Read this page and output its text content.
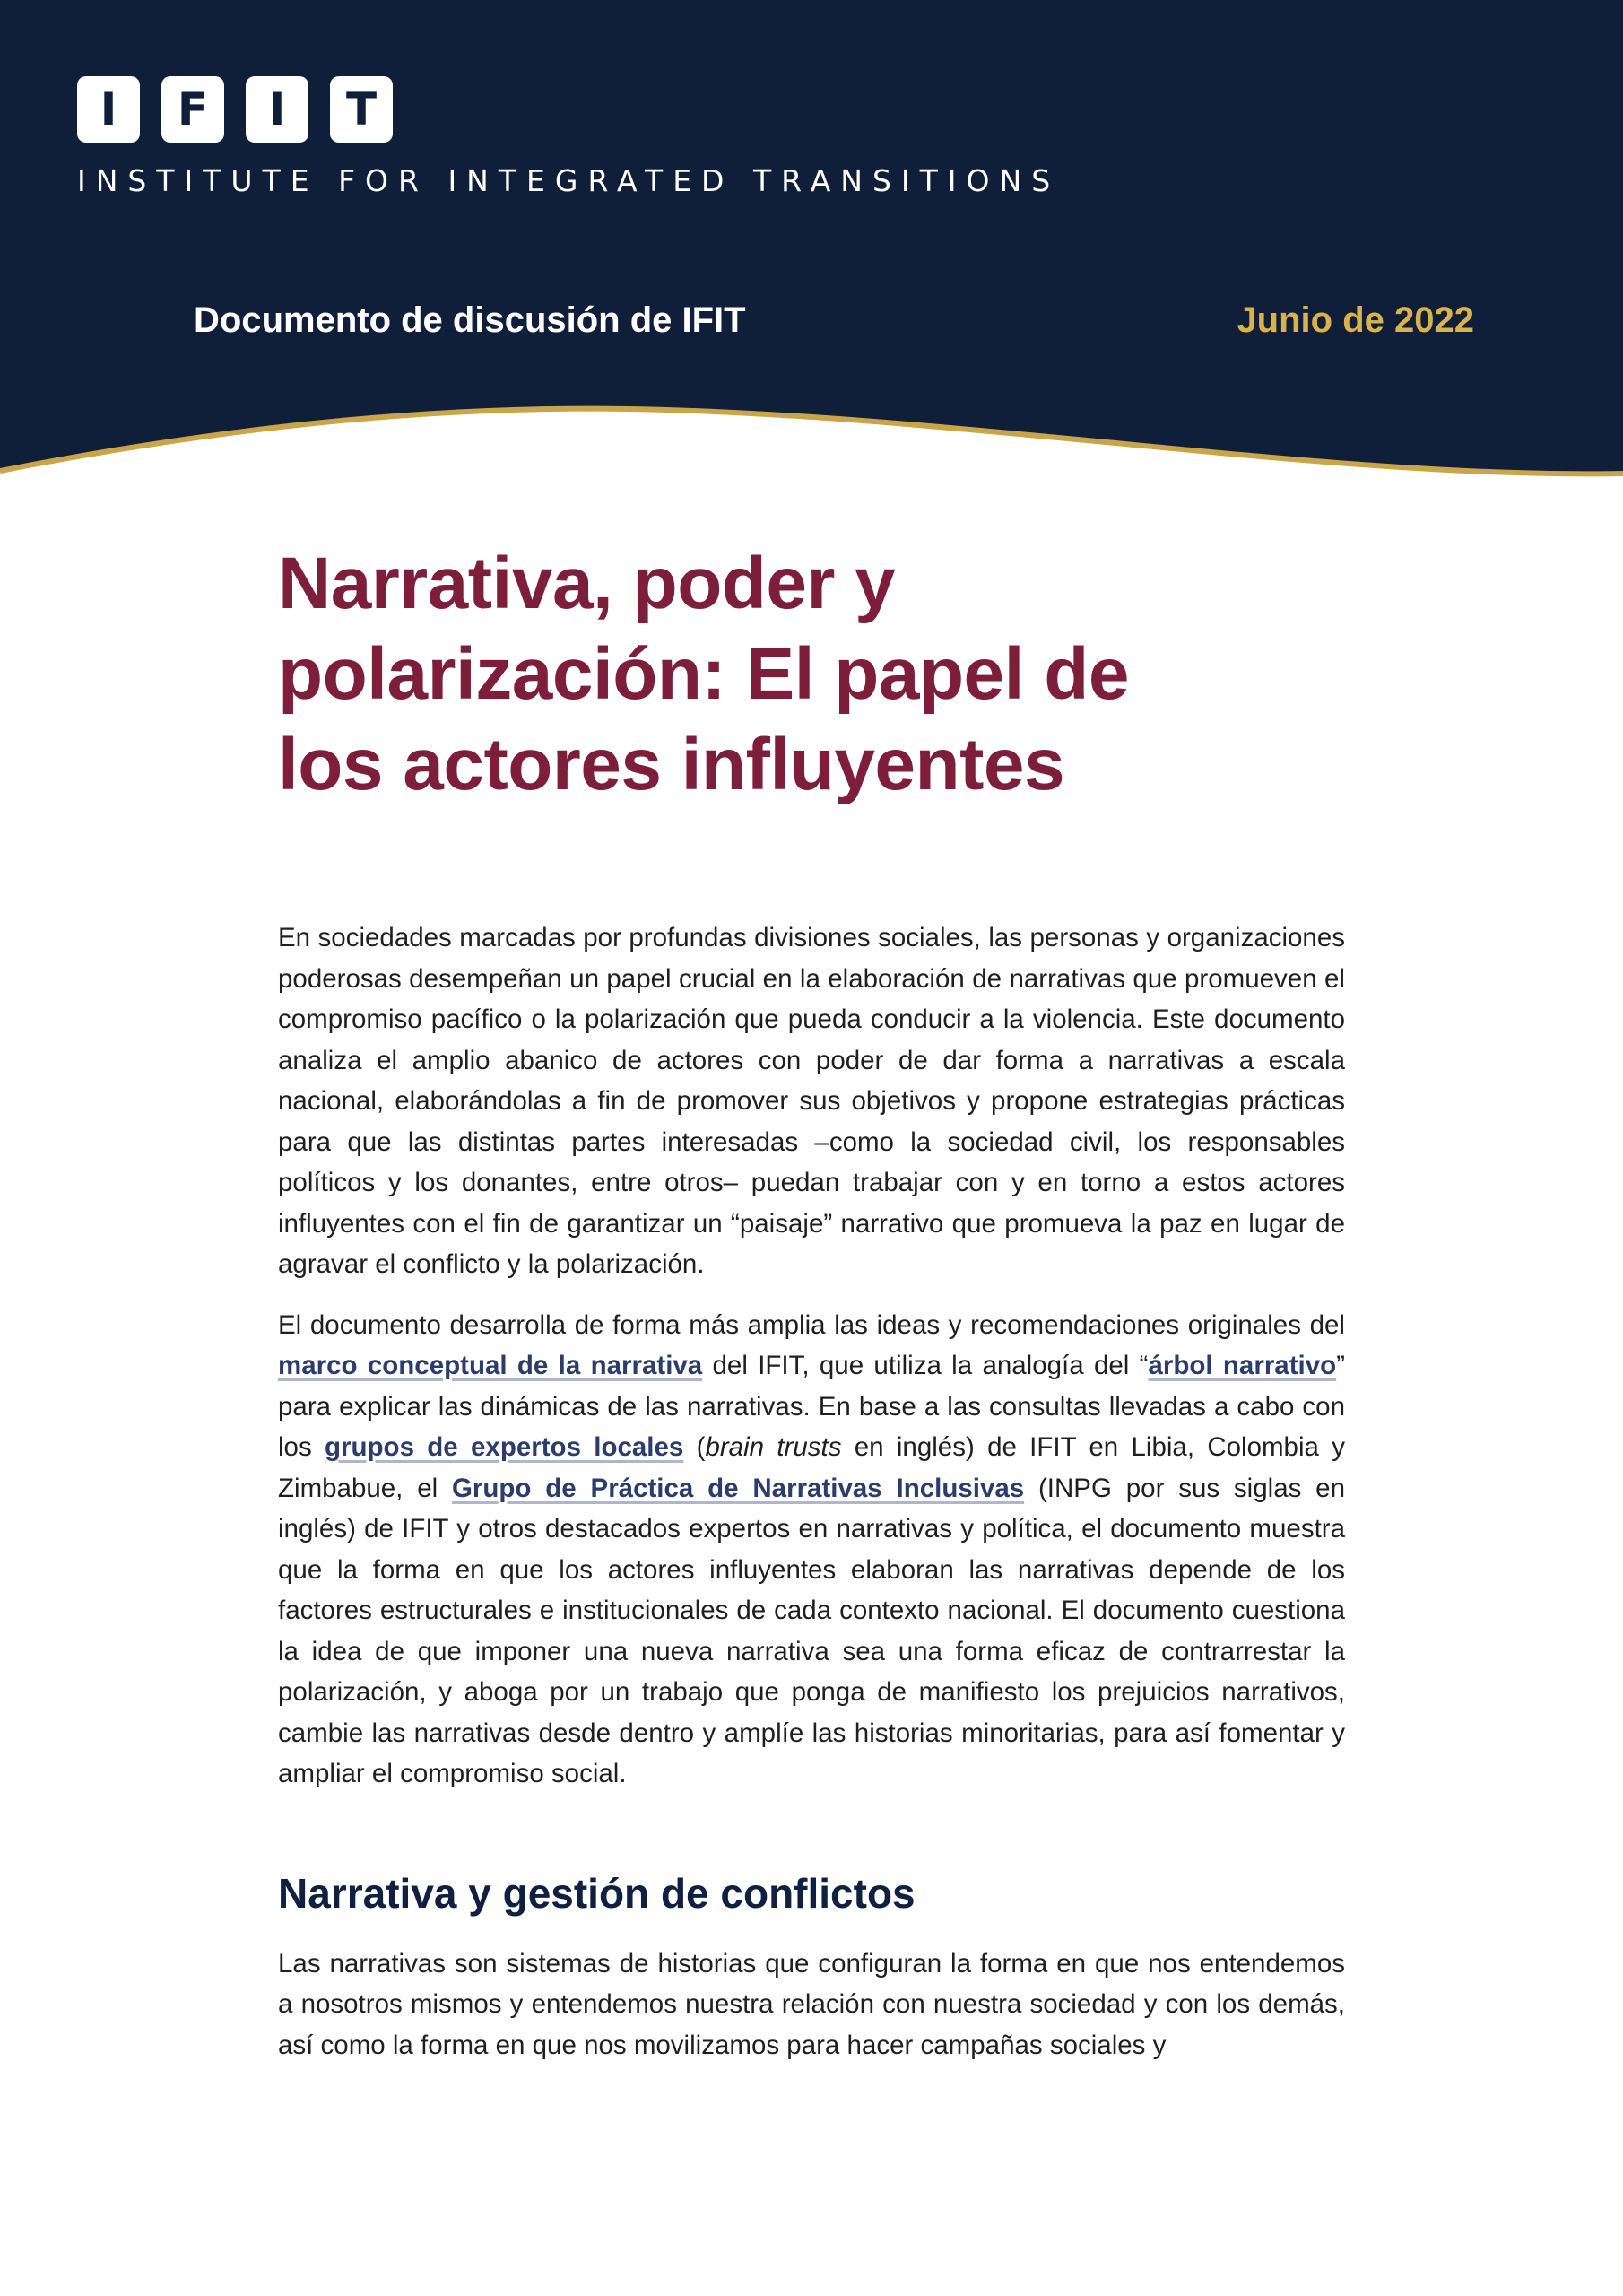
I	F	I	T
INSTITUTE FOR INTEGRATED TRANSITIONS
Documento de discusión de IFIT	Junio de 2022
Narrativa, poder y
polarización: El papel de
los actores influyentes

En sociedades marcadas por profundas divisiones sociales, las personas y organizaciones poderosas desempeñan un papel crucial en la elaboración de narrativas que promueven el compromiso pacífico o la polarización que pueda conducir a la violencia. Este documento analiza el amplio abanico de actores con poder de dar forma a narrativas a escala nacional, elaborándolas a fin de promover sus objetivos y propone estrategias prácticas para que las distintas partes interesadas –como la sociedad civil, los responsables políticos y los donantes, entre otros– puedan trabajar con y en torno a estos actores influyentes con el fin de garantizar un “paisaje” narrativo que promueva la paz en lugar de agravar el conflicto y la polarización.

El documento desarrolla de forma más amplia las ideas y recomendaciones originales del marco conceptual de la narrativa del IFIT, que utiliza la analogía del “árbol narrativo” para explicar las dinámicas de las narrativas. En base a las consultas llevadas a cabo con los grupos de expertos locales (brain trusts en inglés) de IFIT en Libia, Colombia y Zimbabue, el Grupo de Práctica de Narrativas Inclusivas (INPG por sus siglas en inglés) de IFIT y otros destacados expertos en narrativas y política, el documento muestra que la forma en que los actores influyentes elaboran las narrativas depende de los factores estructurales e institucionales de cada contexto nacional. El documento cuestiona la idea de que imponer una nueva narrativa sea una forma eficaz de contrarrestar la polarización, y aboga por un trabajo que ponga de manifiesto los prejuicios narrativos, cambie las narrativas desde dentro y amplíe las historias minoritarias, para así fomentar y ampliar el compromiso social.

Narrativa y gestión de conflictos

Las narrativas son sistemas de historias que configuran la forma en que nos entendemos a nosotros mismos y entendemos nuestra relación con nuestra sociedad y con los demás, así como la forma en que nos movilizamos para hacer campañas sociales y
